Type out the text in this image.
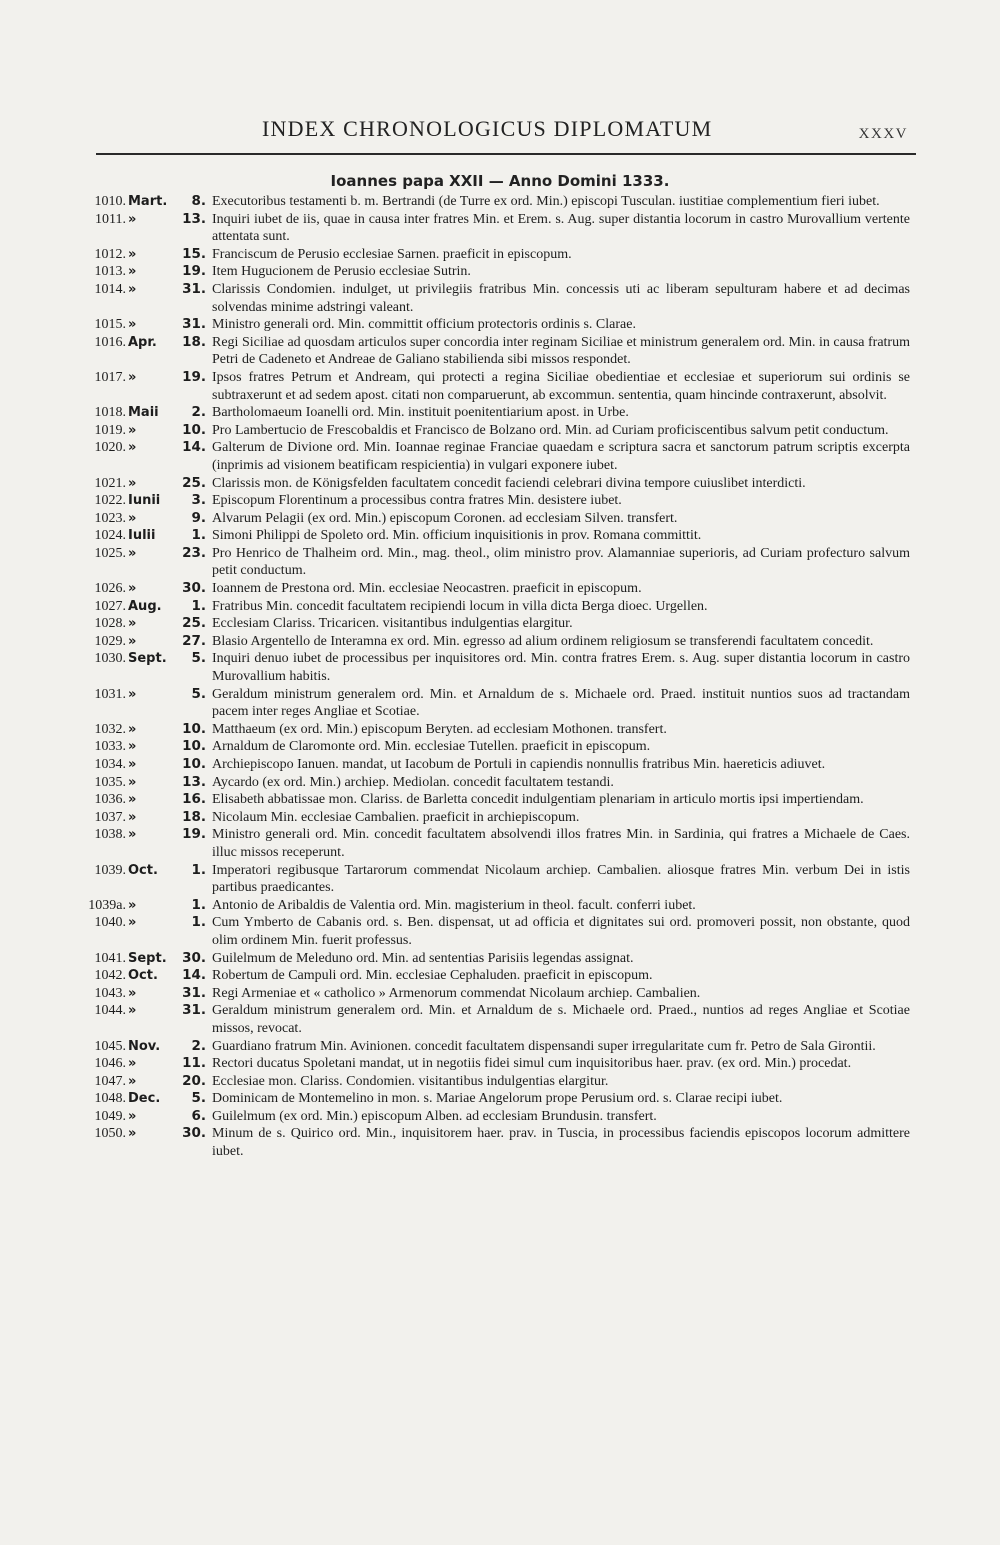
INDEX CHRONOLOGICUS DIPLOMATUM	XXXV
Ioannes papa XXII — Anno Domini 1333.
1010. Mart.	8. Executoribus testamenti b. m. Bertrandi (de Turre ex ord. Min.) episcopi Tusculan. iustitiae complementium fieri iubet.
1011. »	13. Inquiri iubet de iis, quae in causa inter fratres Min. et Erem. s. Aug. super distantia locorum in castro Murovallium vertente attentata sunt.
1012. »	15. Franciscum de Perusio ecclesiae Sarnen. praeficit in episcopum.
1013. »	19. Item Hugucionem de Perusio ecclesiae Sutrin.
1014. »	31. Clarissis Condomien. indulget, ut privilegiis fratribus Min. concessis uti ac liberam sepulturam habere et ad decimas solvendas minime adstringi valeant.
1015. »	31. Ministro generali ord. Min. committit officium protectoris ordinis s. Clarae.
1016. Apr.	18. Regi Siciliae ad quosdam articulos super concordia inter reginam Siciliae et ministrum generalem ord. Min. in causa fratrum Petri de Cadeneto et Andreae de Galiano stabilienda sibi missos respondet.
1017. »	19. Ipsos fratres Petrum et Andream, qui protecti a regina Siciliae obedientiae et ecclesiae et superiorum sui ordinis se subtraxerunt et ad sedem apost. citati non comparuerunt, ab excommun. sententia, quam hincinde contraxerunt, absolvit.
1018. Maii	2. Bartholomaeum Ioanelli ord. Min. instituit poenitentiarium apost. in Urbe.
1019. »	10. Pro Lambertucio de Frescobaldis et Francisco de Bolzano ord. Min. ad Curiam proficiscentibus salvum petit conductum.
1020. »	14. Galterum de Divione ord. Min. Ioannae reginae Franciae quaedam e scriptura sacra et sanctorum patrum scriptis excerpta (inprimis ad visionem beatificam respicientia) in vulgari exponere iubet.
1021. »	25. Clarissis mon. de Königsfelden facultatem concedit faciendi celebrari divina tempore cuiuslibet interdicti.
1022. Iunii	3. Episcopum Florentinum a processibus contra fratres Min. desistere iubet.
1023. »	9. Alvarum Pelagii (ex ord. Min.) episcopum Coronen. ad ecclesiam Silven. transfert.
1024. Iulii	1. Simoni Philippi de Spoleto ord. Min. officium inquisitionis in prov. Romana committit.
1025. »	23. Pro Henrico de Thalheim ord. Min., mag. theol., olim ministro prov. Alamanniae superioris, ad Curiam profecturo salvum petit conductum.
1026. »	30. Ioannem de Prestona ord. Min. ecclesiae Neocastren. praeficit in episcopum.
1027. Aug.	1. Fratribus Min. concedit facultatem recipiendi locum in villa dicta Berga dioec. Urgellen.
1028. »	25. Ecclesiam Clariss. Tricaricen. visitantibus indulgentias elargitur.
1029. »	27. Blasio Argentello de Interamna ex ord. Min. egresso ad alium ordinem religiosum se transferendi facultatem concedit.
1030. Sept.	5. Inquiri denuo iubet de processibus per inquisitores ord. Min. contra fratres Erem. s. Aug. super distantia locorum in castro Murovallium habitis.
1031. »	5. Geraldum ministrum generalem ord. Min. et Arnaldum de s. Michaele ord. Praed. instituit nuntios suos ad tractandam pacem inter reges Angliae et Scotiae.
1032. »	10. Matthaeum (ex ord. Min.) episcopum Beryten. ad ecclesiam Mothonen. transfert.
1033. »	10. Arnaldum de Claromonte ord. Min. ecclesiae Tutellen. praeficit in episcopum.
1034. »	10. Archiepiscopo Ianuen. mandat, ut Iacobum de Portuli in capiendis nonnullis fratribus Min. haereticis adiuvet.
1035. »	13. Aycardo (ex ord. Min.) archiep. Mediolan. concedit facultatem testandi.
1036. »	16. Elisabeth abbatissae mon. Clariss. de Barletta concedit indulgentiam plenariam in articulo mortis ipsi impertiendam.
1037. »	18. Nicolaum Min. ecclesiae Cambalien. praeficit in archiepiscopum.
1038. »	19. Ministro generali ord. Min. concedit facultatem absolvendi illos fratres Min. in Sardinia, qui fratres a Michaele de Caes. illuc missos receperunt.
1039. Oct.	1. Imperatori regibusque Tartarorum commendat Nicolaum archiep. Cambalien. aliosque fratres Min. verbum Dei in istis partibus praedicantes.
1039a. »	1. Antonio de Aribaldis de Valentia ord. Min. magisterium in theol. facult. conferri iubet.
1040. »	1. Cum Ymberto de Cabanis ord. s. Ben. dispensat, ut ad officia et dignitates sui ord. promoveri possit, non obstante, quod olim ordinem Min. fuerit professus.
1041. Sept.	30. Guilelmum de Meleduno ord. Min. ad sententias Parisiis legendas assignat.
1042. Oct.	14. Robertum de Campuli ord. Min. ecclesiae Cephaluden. praeficit in episcopum.
1043. »	31. Regi Armeniae et « catholico » Armenorum commendat Nicolaum archiep. Cambalien.
1044. »	31. Geraldum ministrum generalem ord. Min. et Arnaldum de s. Michaele ord. Praed., nuntios ad reges Angliae et Scotiae missos, revocat.
1045. Nov.	2. Guardiano fratrum Min. Avinionen. concedit facultatem dispensandi super irregularitate cum fr. Petro de Sala Girontii.
1046. »	11. Rectori ducatus Spoletani mandat, ut in negotiis fidei simul cum inquisitoribus haer. prav. (ex ord. Min.) procedat.
1047. »	20. Ecclesiae mon. Clariss. Condomien. visitantibus indulgentias elargitur.
1048. Dec.	5. Dominicam de Montemelino in mon. s. Mariae Angelorum prope Perusium ord. s. Clarae recipi iubet.
1049. »	6. Guilelmum (ex ord. Min.) episcopum Alben. ad ecclesiam Brundusin. transfert.
1050. »	30. Minum de s. Quirico ord. Min., inquisitorem haer. prav. in Tuscia, in processibus faciendis episcopos locorum admittere iubet.
